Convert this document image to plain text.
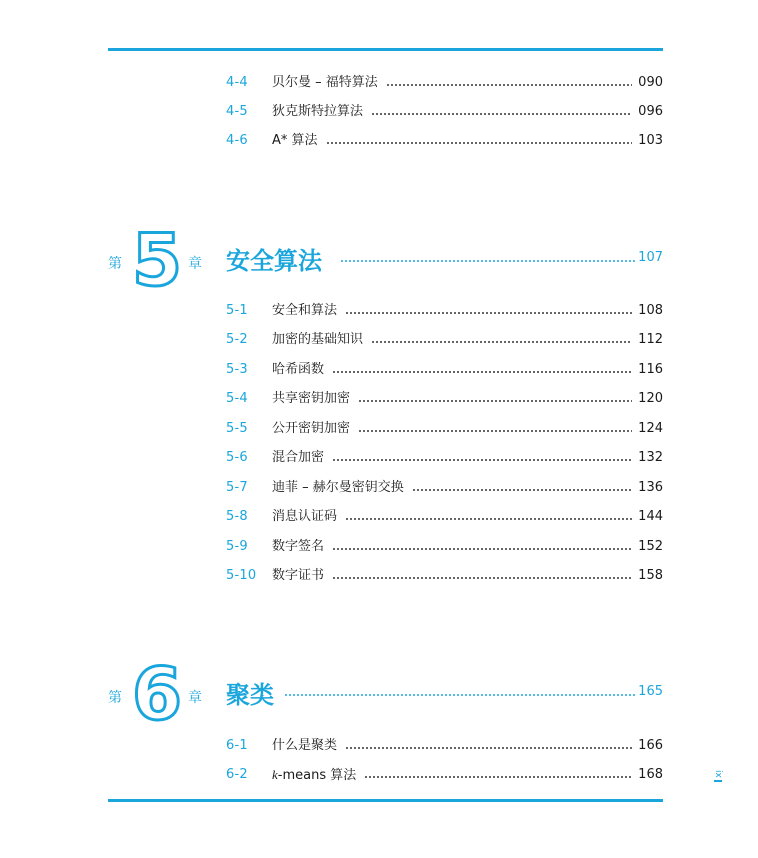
4-4	贝尔曼 – 福特算法	090
4-5	狄克斯特拉算法	096
4-6	A* 算法	103
第 5 章 安全算法	107
5-1	安全和算法	108
5-2	加密的基础知识	112
5-3	哈希函数	116
5-4	共享密钥加密	120
5-5	公开密钥加密	124
5-6	混合加密	132
5-7	迪菲 – 赫尔曼密钥交换	136
5-8	消息认证码	144
5-9	数字签名	152
5-10	数字证书	158
第 6 章 聚类	165
6-1	什么是聚类	166
6-2	k-means 算法	168	ix
